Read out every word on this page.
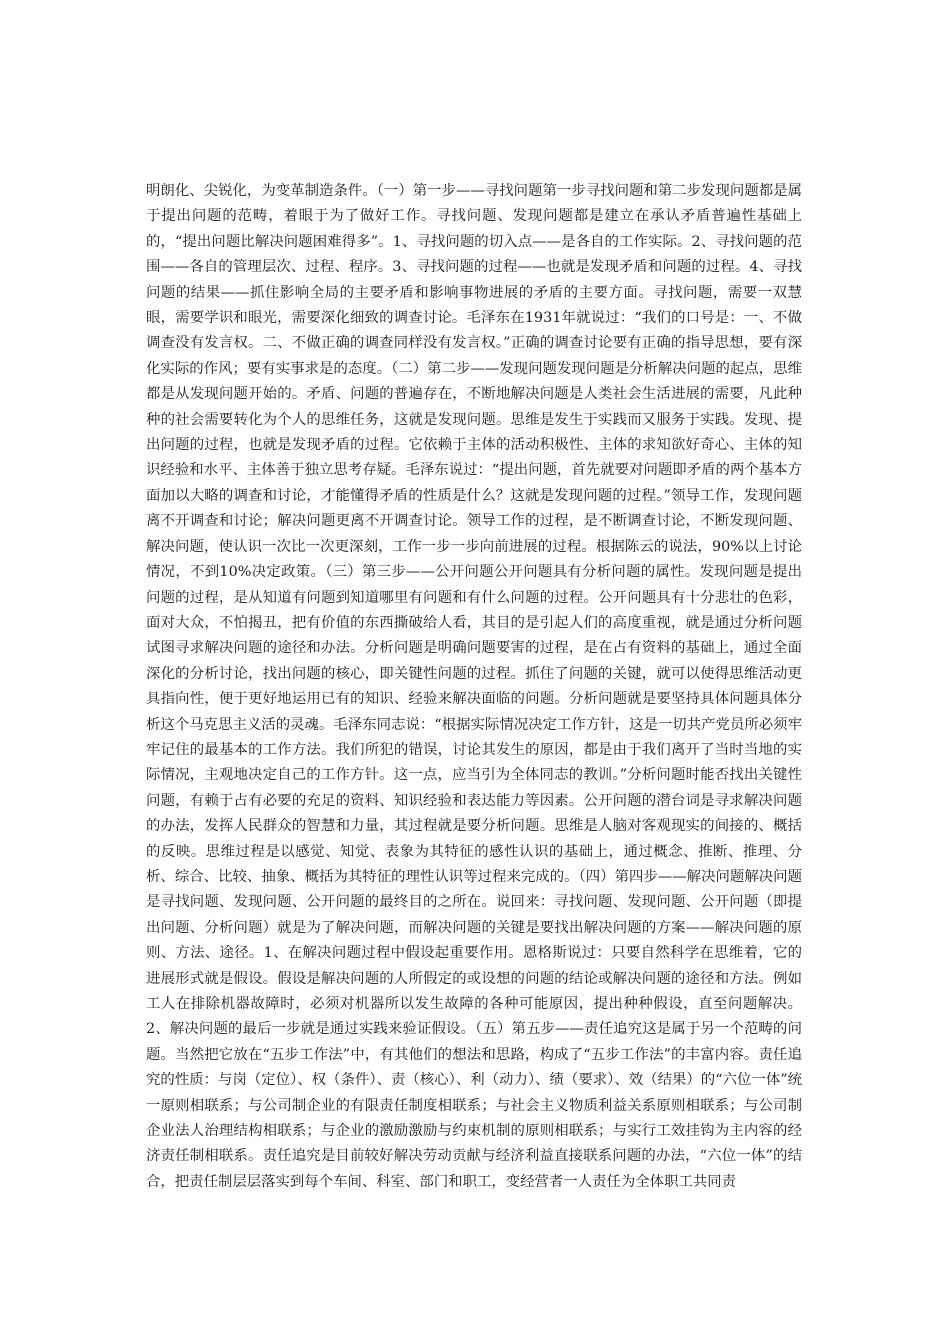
明朗化、尖锐化，为变革制造条件。（一）第一步——寻找问题第一步寻找问题和第二步发现问题都是属于提出问题的范畴，着眼于为了做好工作。寻找问题、发现问题都是建立在承认矛盾普遍性基础上的，“提出问题比解决问题困难得多”。1、寻找问题的切入点——是各自的工作实际。2、寻找问题的范围——各自的管理层次、过程、程序。3、寻找问题的过程——也就是发现矛盾和问题的过程。4、寻找问题的结果——抓住影响全局的主要矛盾和影响事物进展的矛盾的主要方面。寻找问题，需要一双慧眼，需要学识和眼光，需要深化细致的调查讨论。毛泽东在1931年就说过：“我们的口号是：一、不做调查没有发言权。二、不做正确的调查同样没有发言权。”正确的调查讨论要有正确的指导思想，要有深化实际的作风；要有实事求是的态度。（二）第二步——发现问题发现问题是分析解决问题的起点，思维都是从发现问题开始的。矛盾、问题的普遍存在，不断地解决问题是人类社会生活进展的需要，凡此种种的社会需要转化为个人的思维任务，这就是发现问题。思维是发生于实践而又服务于实践。发现、提出问题的过程，也就是发现矛盾的过程。它依赖于主体的活动积极性、主体的求知欲好奇心、主体的知识经验和水平、主体善于独立思考存疑。毛泽东说过：“提出问题，首先就要对问题即矛盾的两个基本方面加以大略的调查和讨论，才能懂得矛盾的性质是什么？这就是发现问题的过程。”领导工作，发现问题离不开调查和讨论；解决问题更离不开调查讨论。领导工作的过程，是不断调查讨论，不断发现问题、解决问题，使认识一次比一次更深刻，工作一步一步向前进展的过程。根据陈云的说法，90%以上讨论情况，不到10%决定政策。（三）第三步——公开问题公开问题具有分析问题的属性。发现问题是提出问题的过程，是从知道有问题到知道哪里有问题和有什么问题的过程。公开问题具有十分悲壮的色彩，面对大众，不怕揭丑，把有价值的东西撕破给人看，其目的是引起人们的高度重视，就是通过分析问题试图寻求解决问题的途径和办法。分析问题是明确问题要害的过程，是在占有资料的基础上，通过全面深化的分析讨论，找出问题的核心，即关键性问题的过程。抓住了问题的关键，就可以使得思维活动更具指向性，便于更好地运用已有的知识、经验来解决面临的问题。分析问题就是要坚持具体问题具体分析这个马克思主义活的灵魂。毛泽东同志说：“根据实际情况决定工作方针，这是一切共产党员所必须牢牢记住的最基本的工作方法。我们所犯的错误，讨论其发生的原因，都是由于我们离开了当时当地的实际情况，主观地决定自己的工作方针。这一点，应当引为全体同志的教训。”分析问题时能否找出关键性问题，有赖于占有必要的充足的资料、知识经验和表达能力等因素。公开问题的潜台词是寻求解决问题的办法，发挥人民群众的智慧和力量，其过程就是要分析问题。思维是人脑对客观现实的间接的、概括的反映。思维过程是以感觉、知觉、表象为其特征的感性认识的基础上，通过概念、推断、推理、分析、综合、比较、抽象、概括为其特征的理性认识等过程来完成的。（四）第四步——解决问题解决问题是寻找问题、发现问题、公开问题的最终目的之所在。说回来：寻找问题、发现问题、公开问题（即提出问题、分析问题）就是为了解决问题，而解决问题的关键是要找出解决问题的方案——解决问题的原则、方法、途径。1、在解决问题过程中假设起重要作用。恩格斯说过：只要自然科学在思维着，它的进展形式就是假设。假设是解决问题的人所假定的或设想的问题的结论或解决问题的途径和方法。例如工人在排除机器故障时，必须对机器所以发生故障的各种可能原因，提出种种假设，直至问题解决。2、解决问题的最后一步就是通过实践来验证假设。（五）第五步——责任追究这是属于另一个范畴的问题。当然把它放在“五步工作法”中，有其他们的想法和思路，构成了“五步工作法”的丰富内容。责任追究的性质：与岗（定位）、权（条件）、责（核心）、利（动力）、绩（要求）、效（结果）的“六位一体”统一原则相联系；与公司制企业的有限责任制度相联系；与社会主义物质利益关系原则相联系；与公司制企业法人治理结构相联系；与企业的激励激励与约束机制的原则相联系；与实行工效挂钩为主内容的经济责任制相联系。责任追究是目前较好解决劳动贡献与经济利益直接联系问题的办法，“六位一体”的结合，把责任制层层落实到每个车间、科室、部门和职工，变经营者一人责任为全体职工共同责
